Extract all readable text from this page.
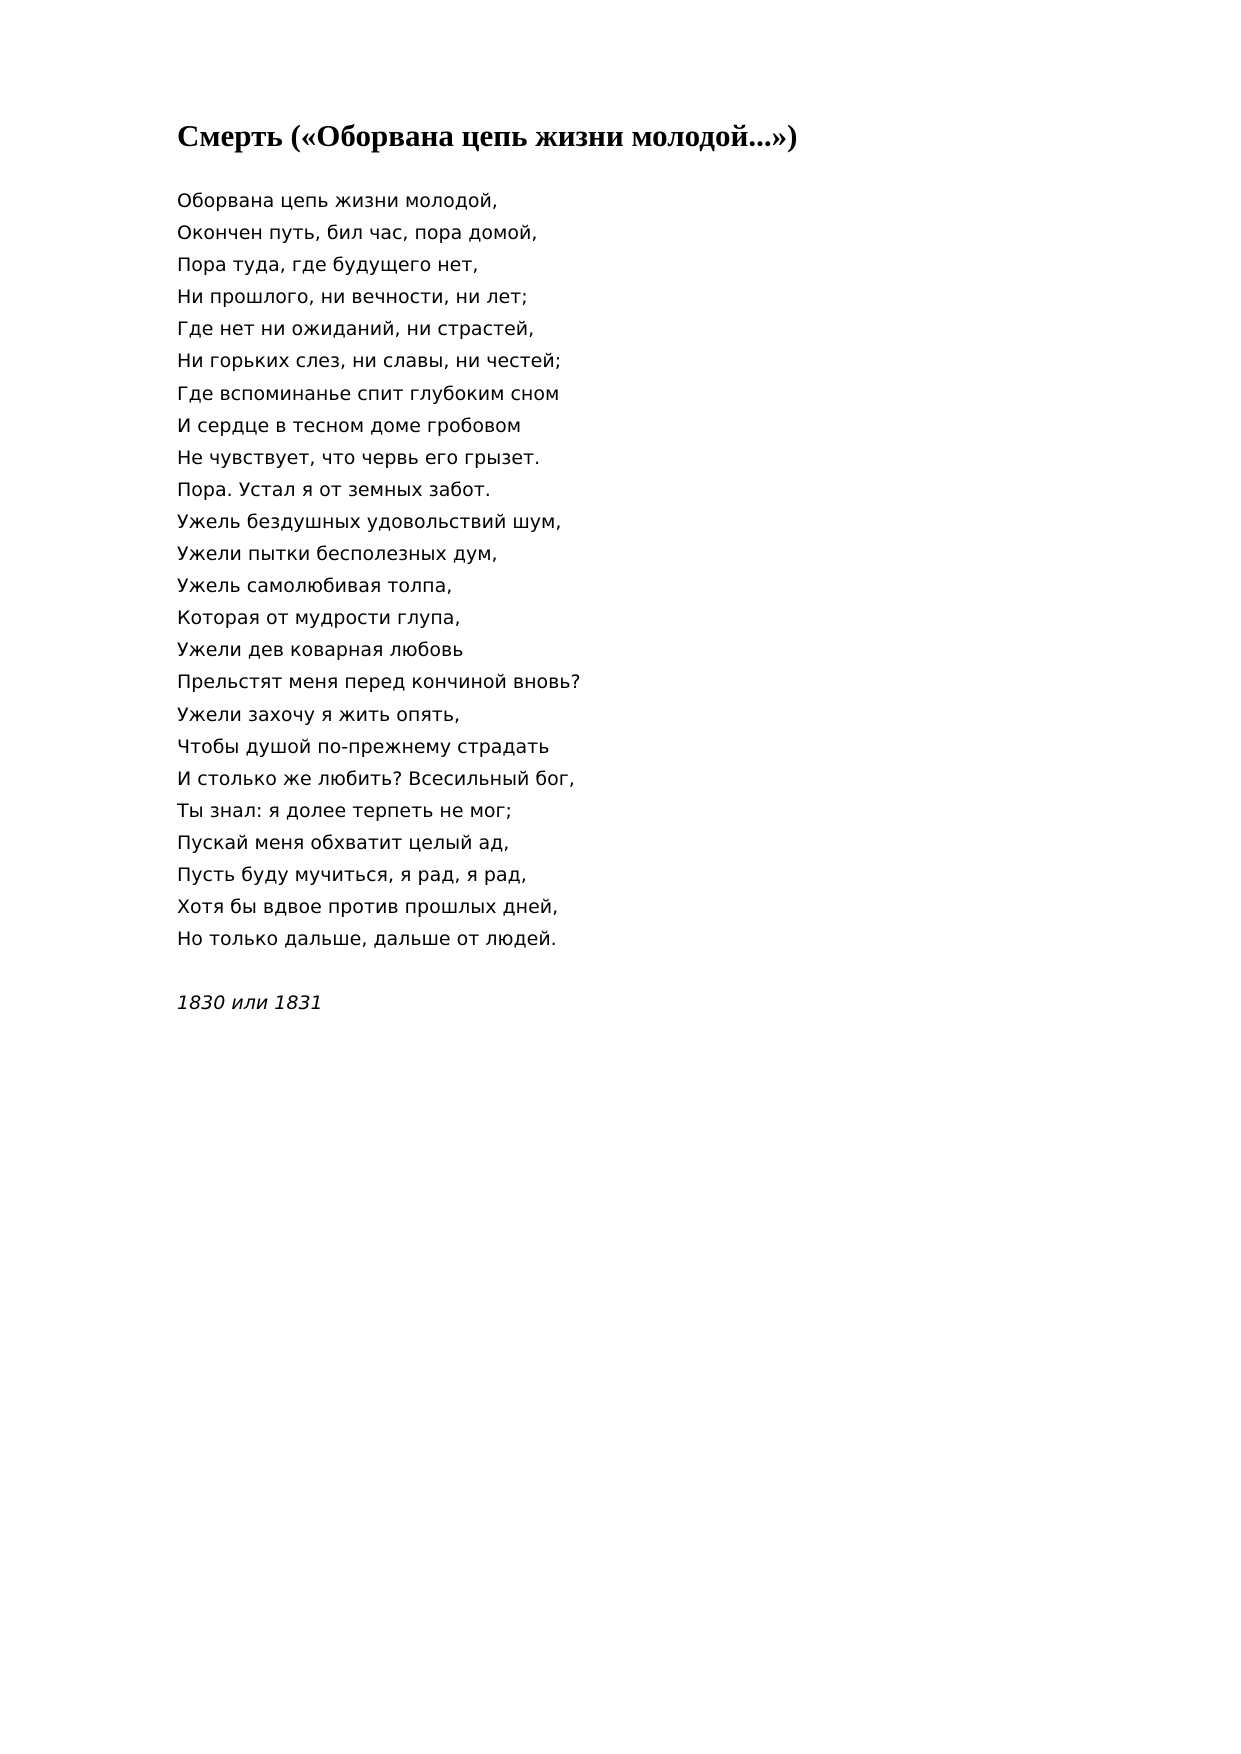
Смерть («Оборвана цепь жизни молодой...»)
Оборвана цепь жизни молодой,
Окончен путь, бил час, пора домой,
Пора туда, где будущего нет,
Ни прошлого, ни вечности, ни лет;
Где нет ни ожиданий, ни страстей,
Ни горьких слез, ни славы, ни честей;
Где вспоминанье спит глубоким сном
И сердце в тесном доме гробовом
Не чувствует, что червь его грызет.
Пора. Устал я от земных забот.
Ужель бездушных удовольствий шум,
Ужели пытки бесполезных дум,
Ужель самолюбивая толпа,
Которая от мудрости глупа,
Ужели дев коварная любовь
Прельстят меня перед кончиной вновь?
Ужели захочу я жить опять,
Чтобы душой по-прежнему страдать
И столько же любить? Всесильный бог,
Ты знал: я долее терпеть не мог;
Пускай меня обхватит целый ад,
Пусть буду мучиться, я рад, я рад,
Хотя бы вдвое против прошлых дней,
Но только дальше, дальше от людей.

1830 или 1831
